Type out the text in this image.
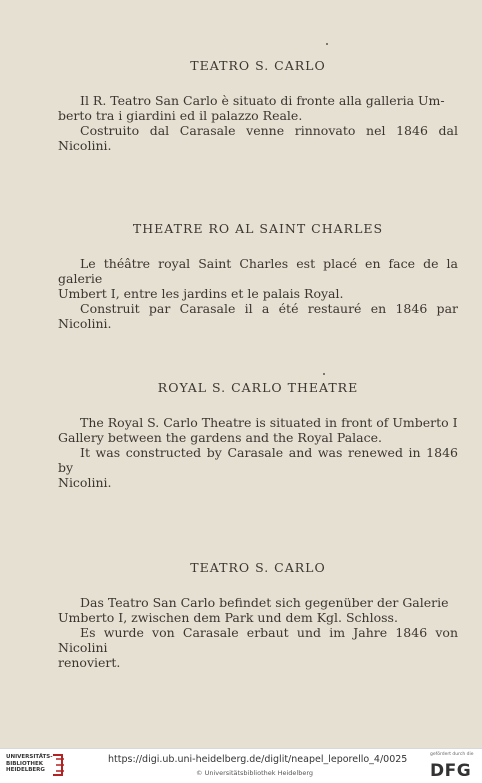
TEATRO S. CARLO

Il R. Teatro San Carlo è situato di fronte alla galleria Um-

berto tra i giardini ed il palazzo Reale.

Costruito dal Carasale venne rinnovato nel 1846 dal Nicolini.

THEATRE RO AL SAINT CHARLES

Le théâtre royal Saint Charles est placé en face de la galerie

Umbert I, entre les jardins et le palais Royal.

Construit par Carasale il a été restauré en 1846 par Nicolini.

ROYAL S. CARLO THEATRE

The Royal S. Carlo Theatre is situated in front of Umberto I

Gallery between the gardens and the Royal Palace.

It was constructed by Carasale and was renewed in 1846 by

Nicolini.

TEATRO S. CARLO

Das Teatro San Carlo befindet sich gegenüber der Galerie

Umberto I, zwischen dem Park und dem Kgl. Schloss.

Es wurde von Carasale erbaut und im Jahre 1846 von Nicolini

renoviert.

UNIVERSITÄTS-
BIBLIOTHEK
HEIDELBERG
https://digi.ub.uni-heidelberg.de/diglit/neapel_leporello_4/0025
© Universitätsbibliothek Heidelberg
gefördert durch die
DFG
